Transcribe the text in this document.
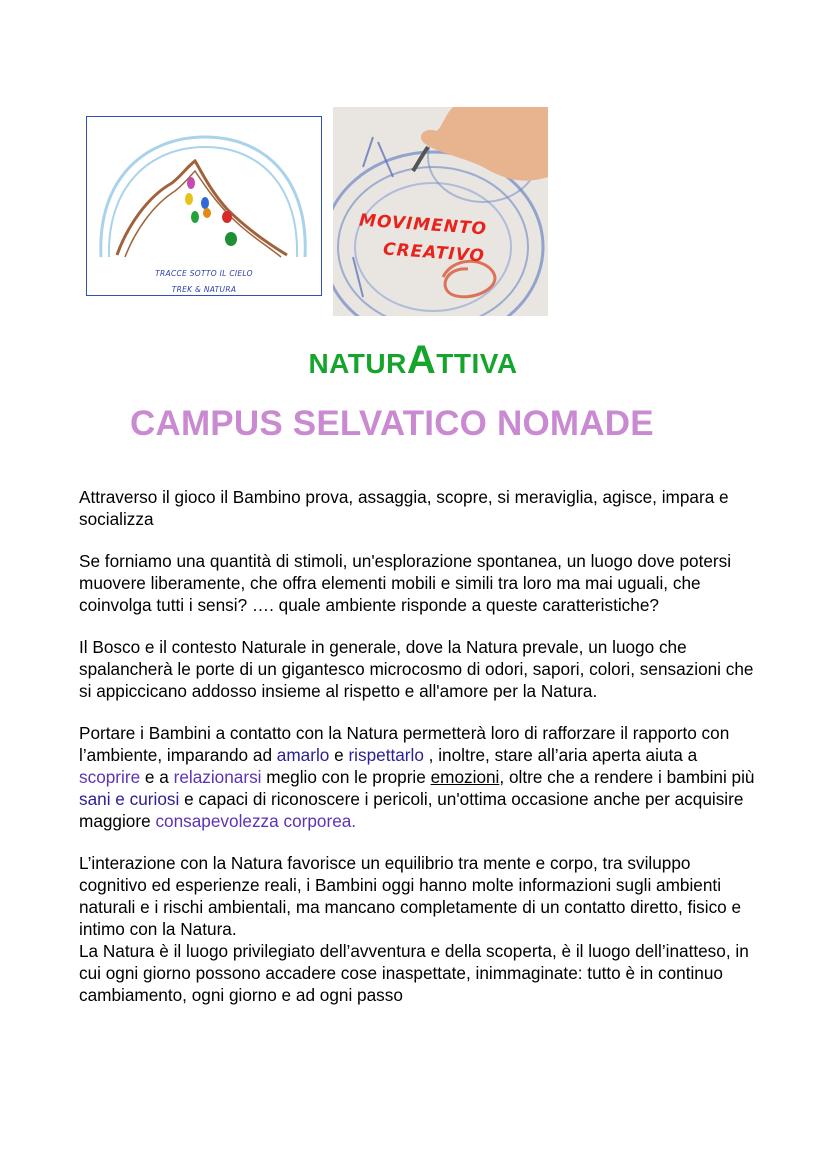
TRACCE SOTTO IL CIELO
TREK & NATURA
MOVIMENTO
CREATIVO
NATURATTIVA
CAMPUS SELVATICO NOMADE

Attraverso il gioco il Bambino prova, assaggia, scopre, si meraviglia, agisce, impara e socializza

Se forniamo una quantità di stimoli, un'esplorazione spontanea, un luogo dove potersi muovere liberamente, che offra elementi mobili e simili tra loro ma mai uguali, che coinvolga tutti i sensi? …. quale ambiente risponde a queste caratteristiche?

Il Bosco e il contesto Naturale in generale, dove la Natura prevale, un luogo che spalancherà le porte di un gigantesco microcosmo di odori, sapori, colori, sensazioni che si appiccicano addosso insieme al rispetto e all'amore per la Natura.

Portare i Bambini a contatto con la Natura permetterà loro di rafforzare il rapporto con l’ambiente, imparando ad amarlo e rispettarlo , inoltre, stare all’aria aperta aiuta a scoprire e a relazionarsi meglio con le proprie emozioni, oltre che a rendere i bambini più sani e curiosi e capaci di riconoscere i pericoli, un'ottima occasione anche per acquisire maggiore consapevolezza corporea.

L’interazione con la Natura favorisce un equilibrio tra mente e corpo, tra sviluppo cognitivo ed esperienze reali, i Bambini oggi hanno molte informazioni sugli ambienti naturali e i rischi ambientali, ma mancano completamente di un contatto diretto, fisico e intimo con la Natura.

La Natura è il luogo privilegiato dell’avventura e della scoperta, è il luogo dell’inatteso, in cui ogni giorno possono accadere cose inaspettate, inimmaginate: tutto è in continuo cambiamento, ogni giorno e ad ogni passo
